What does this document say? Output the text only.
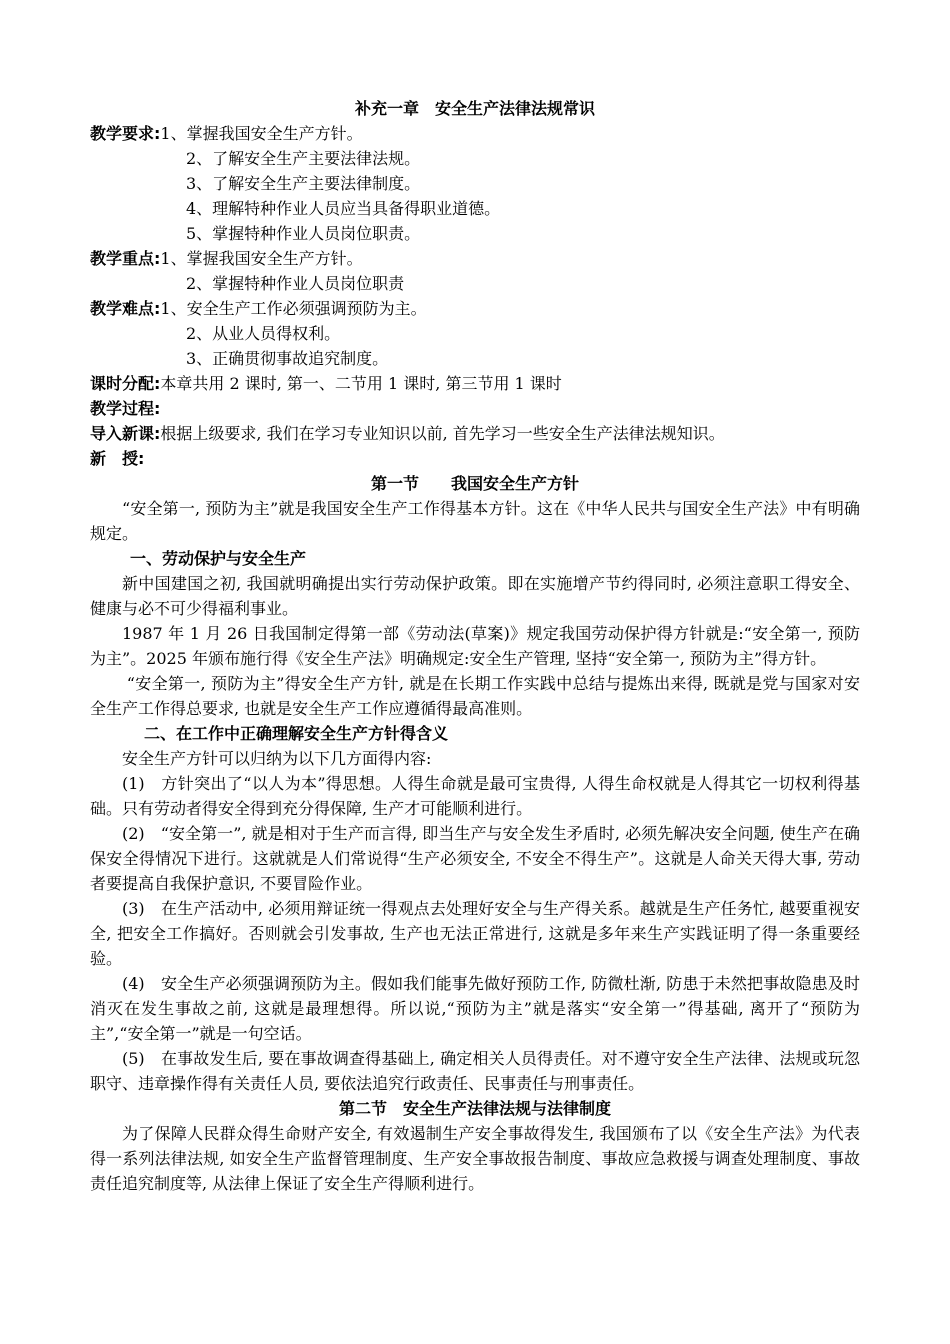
补充一章　安全生产法律法规常识
教学要求:1、掌握我国安全生产方针。
2、了解安全生产主要法律法规。
3、了解安全生产主要法律制度。
4、理解特种作业人员应当具备得职业道德。
5、掌握特种作业人员岗位职责。
教学重点:1、掌握我国安全生产方针。
2、掌握特种作业人员岗位职责
教学难点:1、安全生产工作必须强调预防为主。
2、从业人员得权利。
3、正确贯彻事故追究制度。
课时分配:本章共用 2 课时, 第一、二节用 1 课时, 第三节用 1 课时
教学过程:
导入新课:根据上级要求, 我们在学习专业知识以前, 首先学习一些安全生产法律法规知识。
新　授:
第一节　　我国安全生产方针

“安全第一, 预防为主”就是我国安全生产工作得基本方针。这在《中华人民共与国安全生产法》中有明确规定。

一、劳动保护与安全生产

新中国建国之初, 我国就明确提出实行劳动保护政策。即在实施增产节约得同时, 必须注意职工得安全、健康与必不可少得福利事业。

1987 年 1 月 26 日我国制定得第一部《劳动法(草案)》规定我国劳动保护得方针就是:“安全第一, 预防为主”。2025 年颁布施行得《安全生产法》明确规定:安全生产管理, 坚持“安全第一, 预防为主”得方针。

“安全第一, 预防为主”得安全生产方针, 就是在长期工作实践中总结与提炼出来得, 既就是党与国家对安全生产工作得总要求, 也就是安全生产工作应遵循得最高准则。

二、在工作中正确理解安全生产方针得含义

安全生产方针可以归纳为以下几方面得内容:

(1)　方针突出了“以人为本”得思想。人得生命就是最可宝贵得, 人得生命权就是人得其它一切权利得基础。只有劳动者得安全得到充分得保障, 生产才可能顺利进行。

(2)　“安全第一”, 就是相对于生产而言得, 即当生产与安全发生矛盾时, 必须先解决安全问题, 使生产在确保安全得情况下进行。这就就是人们常说得“生产必须安全, 不安全不得生产”。这就是人命关天得大事, 劳动者要提高自我保护意识, 不要冒险作业。

(3)　在生产活动中, 必须用辩证统一得观点去处理好安全与生产得关系。越就是生产任务忙, 越要重视安全, 把安全工作搞好。否则就会引发事故, 生产也无法正常进行, 这就是多年来生产实践证明了得一条重要经验。

(4)　安全生产必须强调预防为主。假如我们能事先做好预防工作, 防微杜渐, 防患于未然把事故隐患及时消灭在发生事故之前, 这就是最理想得。所以说,“预防为主”就是落实“安全第一”得基础, 离开了“预防为主”,“安全第一”就是一句空话。

(5)　在事故发生后, 要在事故调查得基础上, 确定相关人员得责任。对不遵守安全生产法律、法规或玩忽职守、违章操作得有关责任人员, 要依法追究行政责任、民事责任与刑事责任。

第二节　安全生产法律法规与法律制度

为了保障人民群众得生命财产安全, 有效遏制生产安全事故得发生, 我国颁布了以《安全生产法》为代表得一系列法律法规, 如安全生产监督管理制度、生产安全事故报告制度、事故应急救援与调查处理制度、事故责任追究制度等, 从法律上保证了安全生产得顺利进行。
